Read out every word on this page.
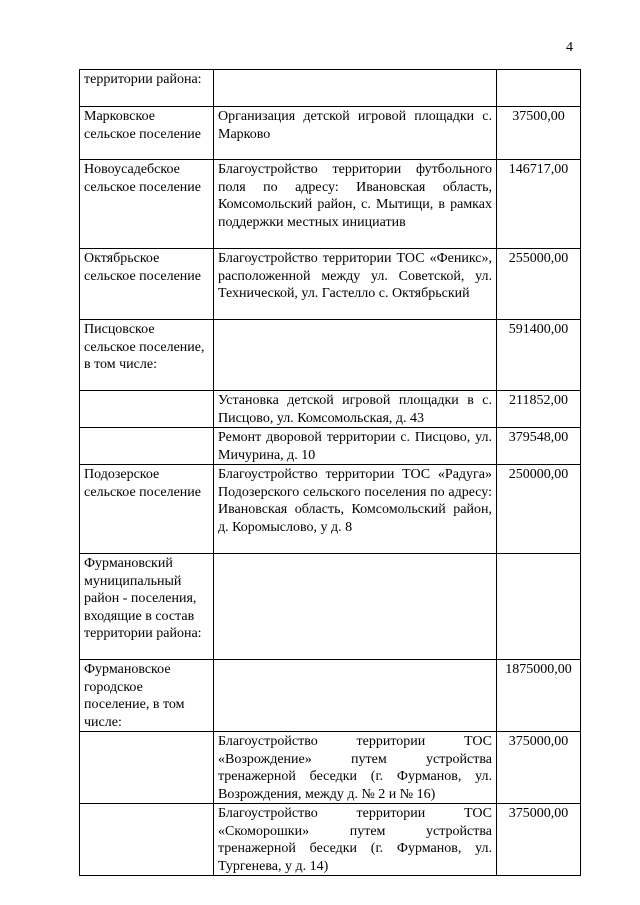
4
территории района:		
Марковское сельское поселение	Организация детской игровой площадки с. Марково	37500,00
Новоусадебское сельское поселение	Благоустройство территории футбольного поля по адресу: Ивановская область, Комсомольский район, с. Мытищи, в рамках поддержки местных инициатив	146717,00
Октябрьское сельское поселение	Благоустройство территории ТОС «Феникс», расположенной между ул. Советской, ул. Технической, ул. Гастелло с. Октябрьский	255000,00
Писцовское сельское поселение, в том числе:		591400,00
	Установка детской игровой площадки в с. Писцово, ул. Комсомольская, д. 43	211852,00
	Ремонт дворовой территории с. Писцово, ул. Мичурина, д. 10	379548,00
Подозерское сельское поселение	Благоустройство территории ТОС «Радуга» Подозерского сельского поселения по адресу: Ивановская область, Комсомольский район, д. Коромыслово, у д. 8	250000,00
Фурмановский муниципальный район - поселения, входящие в состав территории района:		
Фурмановское городское поселение, в том числе:		1875000,00
	Благоустройство территории ТОС «Возрождение» путем устройства тренажерной беседки (г. Фурманов, ул. Возрождения, между д. № 2 и № 16)	375000,00
	Благоустройство территории ТОС «Скоморошки» путем устройства тренажерной беседки (г. Фурманов, ул. Тургенева, у д. 14)	375000,00
